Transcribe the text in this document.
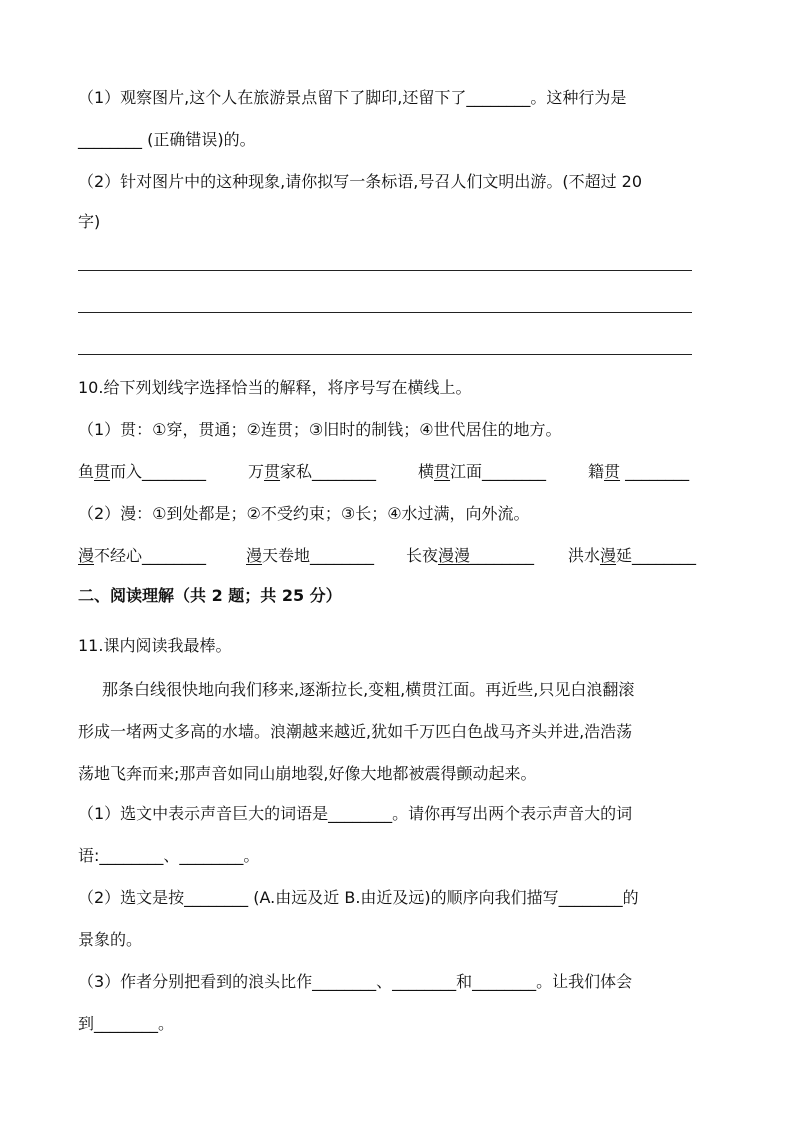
（1）观察图片,这个人在旅游景点留下了脚印,还留下了________。这种行为是
________ (正确错误)的。
（2）针对图片中的这种现象,请你拟写一条标语,号召人们文明出游。(不超过 20
字)
10.给下列划线字选择恰当的解释，将序号写在横线上。
（1）贯：①穿，贯通；②连贯；③旧时的制钱；④世代居住的地方。
鱼贯而入________	万贯家私________	横贯江面________	籍贯 ________
（2）漫：①到处都是；②不受约束；③长；④水过满，向外流。
漫不经心________ 漫天卷地________ 长夜漫漫________ 洪水漫延________
二、阅读理解（共 2 题；共 25 分）
11.课内阅读我最棒。
那条白线很快地向我们移来,逐渐拉长,变粗,横贯江面。再近些,只见白浪翻滚
形成一堵两丈多高的水墙。浪潮越来越近,犹如千万匹白色战马齐头并进,浩浩荡
荡地飞奔而来;那声音如同山崩地裂,好像大地都被震得颤动起来。
（1）选文中表示声音巨大的词语是________。请你再写出两个表示声音大的词
语:________、________。
（2）选文是按________ (A.由远及近 B.由近及远)的顺序向我们描写________的
景象的。
（3）作者分别把看到的浪头比作________、________和________。让我们体会
到________。
